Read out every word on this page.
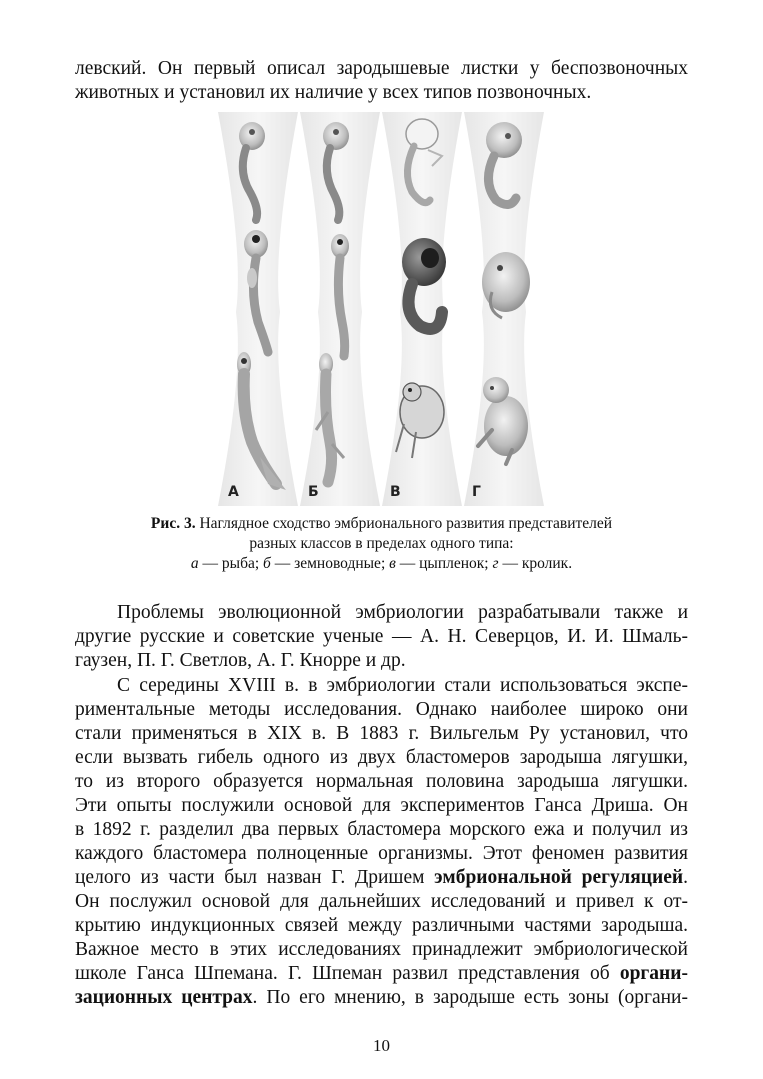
левский. Он первый описал зародышевые листки у беспозвоночных
животных и установил их наличие у всех типов позвоночных.
А	Б	В	Г
Рис. 3. Наглядное сходство эмбрионального развития представителей
разных классов в пределах одного типа:
а — рыба; б — земноводные; в — цыпленок; г — кролик.
Проблемы эволюционной эмбриологии разрабатывали также и
другие русские и советские ученые — А. Н. Северцов, И. И. Шмаль-
гаузен, П. Г. Светлов, А. Г. Кнорре и др.
С середины XVIII в. в эмбриологии стали использоваться экспе-
риментальные методы исследования. Однако наиболее широко они
стали применяться в XIX в. В 1883 г. Вильгельм Ру установил, что
если вызвать гибель одного из двух бластомеров зародыша лягушки,
то из второго образуется нормальная половина зародыша лягушки.
Эти опыты послужили основой для экспериментов Ганса Дриша. Он
в 1892 г. разделил два первых бластомера морского ежа и получил из
каждого бластомера полноценные организмы. Этот феномен развития
целого из части был назван Г. Дришем эмбриональной регуляцией.
Он послужил основой для дальнейших исследований и привел к от-
крытию индукционных связей между различными частями зародыша.
Важное место в этих исследованиях принадлежит эмбриологической
школе Ганса Шпемана. Г. Шпеман развил представления об органи-
зационных центрах. По его мнению, в зародыше есть зоны (органи-
10
